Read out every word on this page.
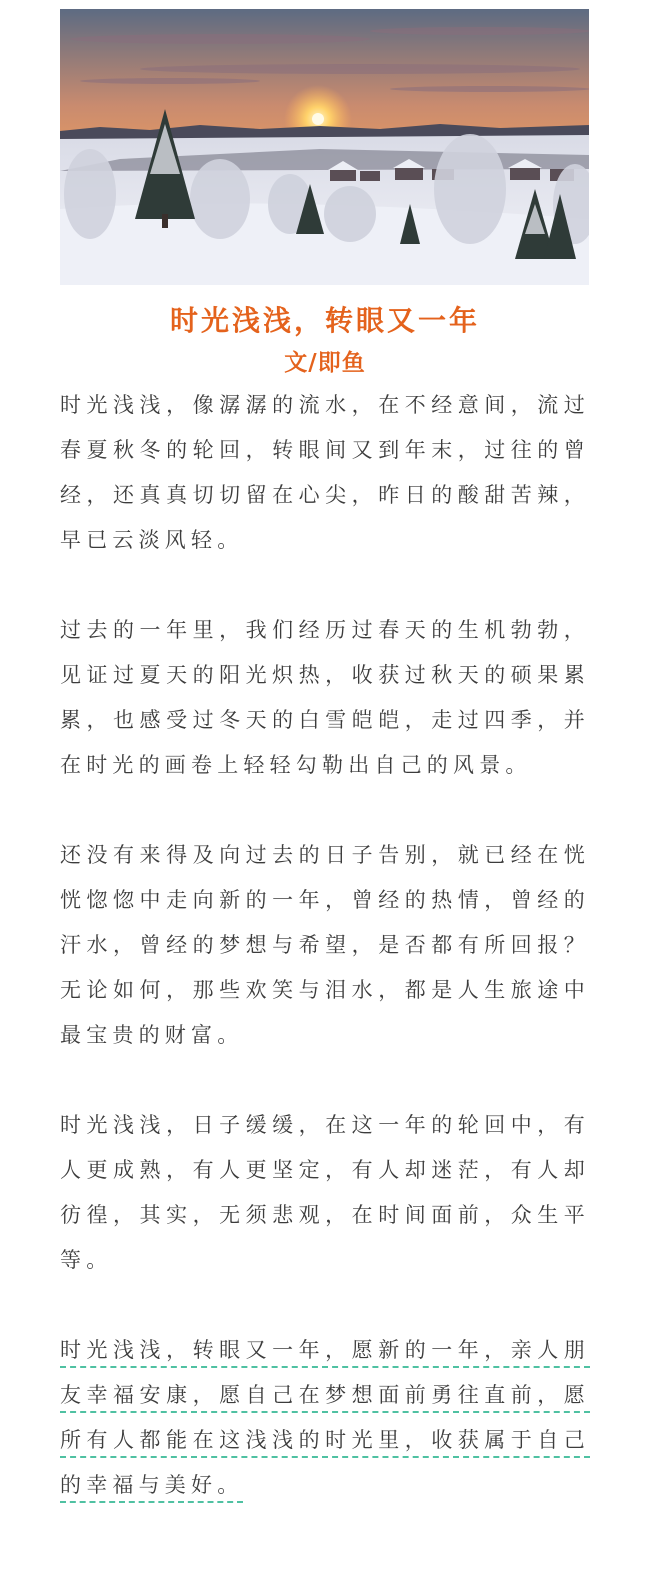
时光浅浅，转眼又一年
文/即鱼

时光浅浅，像潺潺的流水，在不经意间，流过春夏秋冬的轮回，转眼间又到年末，过往的曾经，还真真切切留在心尖，昨日的酸甜苦辣，早已云淡风轻。

过去的一年里，我们经历过春天的生机勃勃，见证过夏天的阳光炽热，收获过秋天的硕果累累，也感受过冬天的白雪皑皑，走过四季，并在时光的画卷上轻轻勾勒出自己的风景。

还没有来得及向过去的日子告别，就已经在恍恍惚惚中走向新的一年，曾经的热情，曾经的汗水，曾经的梦想与希望，是否都有所回报？无论如何，那些欢笑与泪水，都是人生旅途中最宝贵的财富。

时光浅浅，日子缓缓，在这一年的轮回中，有人更成熟，有人更坚定，有人却迷茫，有人却彷徨，其实，无须悲观，在时间面前，众生平等。

时光浅浅，转眼又一年，愿新的一年，亲人朋友幸福安康，愿自己在梦想面前勇往直前，愿所有人都能在这浅浅的时光里，收获属于自己的幸福与美好。
